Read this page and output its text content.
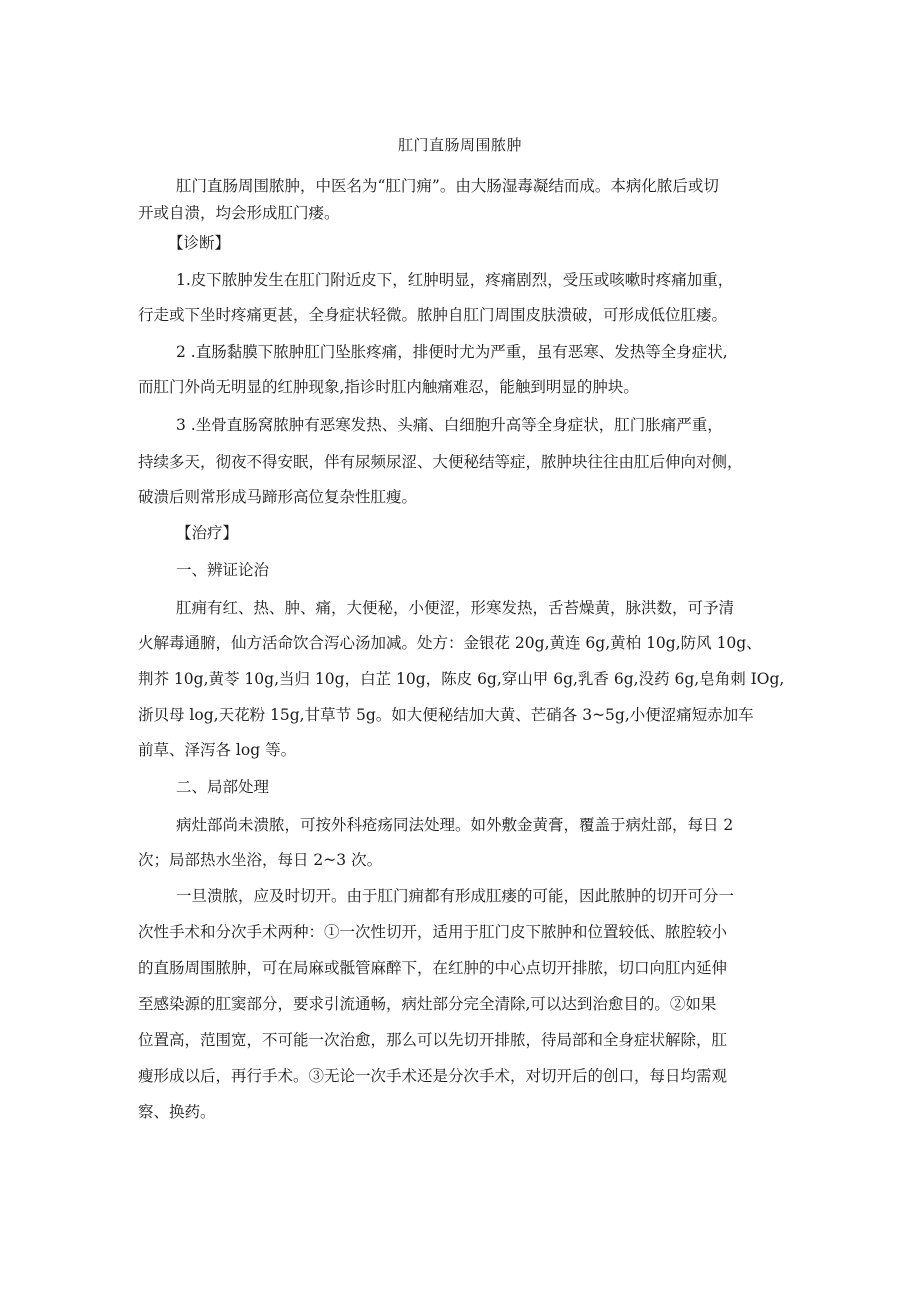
肛门直肠周围脓肿

肛门直肠周围脓肿，中医名为“肛门痈”。由大肠湿毒凝结而成。本病化脓后或切

开或自溃，均会形成肛门瘘。

【诊断】

1.皮下脓肿发生在肛门附近皮下，红肿明显，疼痛剧烈，受压或咳嗽时疼痛加重，

行走或下坐时疼痛更甚，全身症状轻微。脓肿自肛门周围皮肤溃破，可形成低位肛瘘。

2 .直肠黏膜下脓肿肛门坠胀疼痛，排便时尤为严重，虽有恶寒、发热等全身症状,

而肛门外尚无明显的红肿现象,指诊时肛内触痛难忍，能触到明显的肿块。

3 .坐骨直肠窝脓肿有恶寒发热、头痛、白细胞升高等全身症状，肛门胀痛严重，

持续多天，彻夜不得安眠，伴有尿频尿涩、大便秘结等症，脓肿块往往由肛后伸向对侧，

破溃后则常形成马蹄形高位复杂性肛瘦。

【治疗】

一、辨证论治

肛痈有红、热、肿、痛，大便秘，小便涩，形寒发热，舌苔燥黄，脉洪数，可予清

火解毒通腑，仙方活命饮合泻心汤加减。处方：金银花 20g,黄连 6g,黄柏 10g,防风 10g、

荆芥 10g,黄苓 10g,当归 10g，白芷 10g，陈皮 6g,穿山甲 6g,乳香 6g,没药 6g,皂角刺 IOg,

浙贝母 log,天花粉 15g,甘草节 5g。如大便秘结加大黄、芒硝各 3~5g,小便涩痛短赤加车

前草、泽泻各 log 等。

二、局部处理

病灶部尚未溃脓，可按外科疮疡同法处理。如外敷金黄膏，覆盖于病灶部，每日 2

次；局部热水坐浴，每日 2~3 次。

一旦溃脓，应及时切开。由于肛门痈都有形成肛瘘的可能，因此脓肿的切开可分一

次性手术和分次手术两种：①一次性切开，适用于肛门皮下脓肿和位置较低、脓腔较小

的直肠周围脓肿，可在局麻或骶管麻醉下，在红肿的中心点切开排脓，切口向肛内延伸

至感染源的肛窦部分，要求引流通畅，病灶部分完全清除,可以达到治愈目的。②如果

位置高，范围宽，不可能一次治愈，那么可以先切开排脓，待局部和全身症状解除，肛

瘦形成以后，再行手术。③无论一次手术还是分次手术，对切开后的创口，每日均需观

察、换药。
